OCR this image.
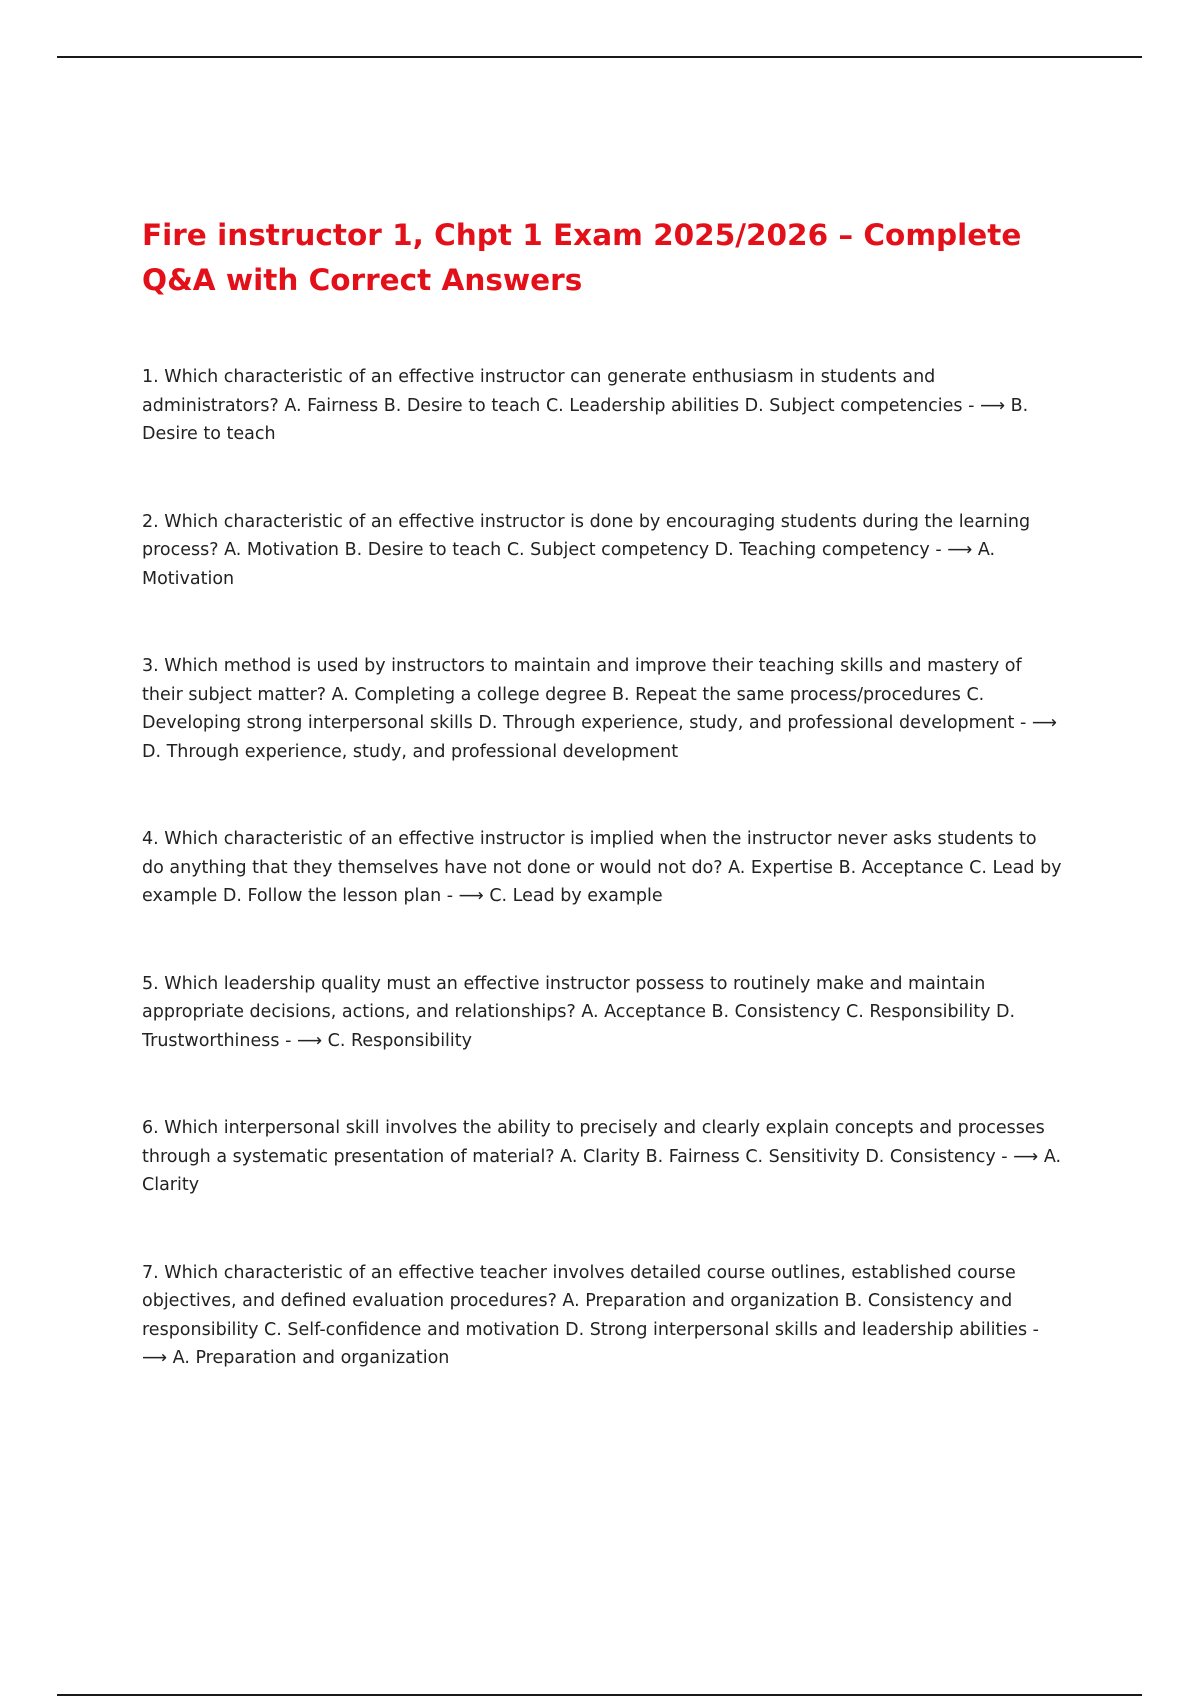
Fire instructor 1, Chpt 1 Exam 2025/2026 – Complete Q&A with Correct Answers

1. Which characteristic of an effective instructor can generate enthusiasm in students and administrators? A. Fairness B. Desire to teach C. Leadership abilities D. Subject competencies - ⟶ B. Desire to teach

2. Which characteristic of an effective instructor is done by encouraging students during the learning process? A. Motivation B. Desire to teach C. Subject competency D. Teaching competency - ⟶ A. Motivation

3. Which method is used by instructors to maintain and improve their teaching skills and mastery of their subject matter? A. Completing a college degree B. Repeat the same process/procedures C. Developing strong interpersonal skills D. Through experience, study, and professional development - ⟶ D. Through experience, study, and professional development

4. Which characteristic of an effective instructor is implied when the instructor never asks students to do anything that they themselves have not done or would not do? A. Expertise B. Acceptance C. Lead by example D. Follow the lesson plan - ⟶ C. Lead by example

5. Which leadership quality must an effective instructor possess to routinely make and maintain appropriate decisions, actions, and relationships? A. Acceptance B. Consistency C. Responsibility D. Trustworthiness - ⟶ C. Responsibility

6. Which interpersonal skill involves the ability to precisely and clearly explain concepts and processes through a systematic presentation of material? A. Clarity B. Fairness C. Sensitivity D. Consistency - ⟶ A. Clarity

7. Which characteristic of an effective teacher involves detailed course outlines, established course objectives, and defined evaluation procedures? A. Preparation and organization B. Consistency and responsibility C. Self-confidence and motivation D. Strong interpersonal skills and leadership abilities - ⟶ A. Preparation and organization
